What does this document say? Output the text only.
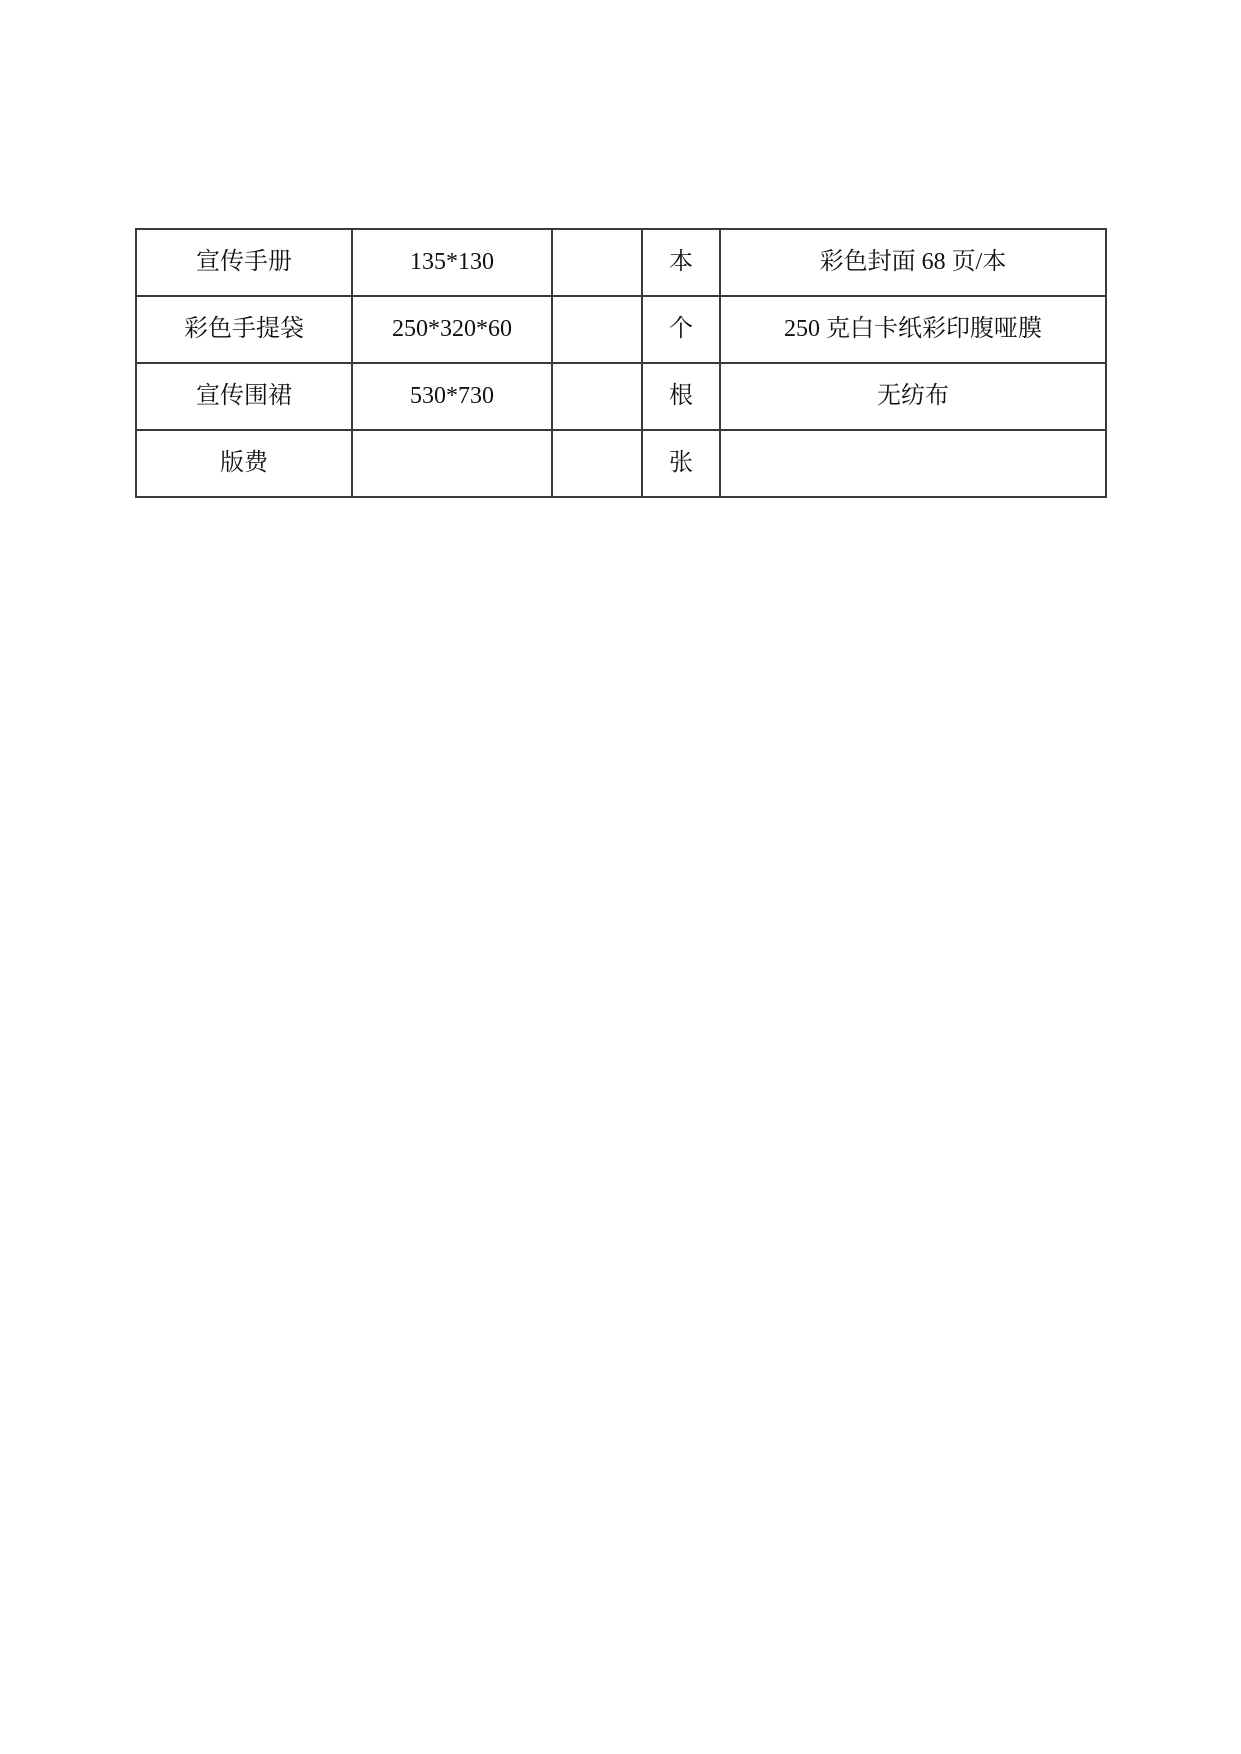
宣传手册	135*130		本	彩色封面 68 页/本
彩色手提袋	250*320*60		个	250 克白卡纸彩印腹哑膜
宣传围裙	530*730		根	无纺布
版费			张	
